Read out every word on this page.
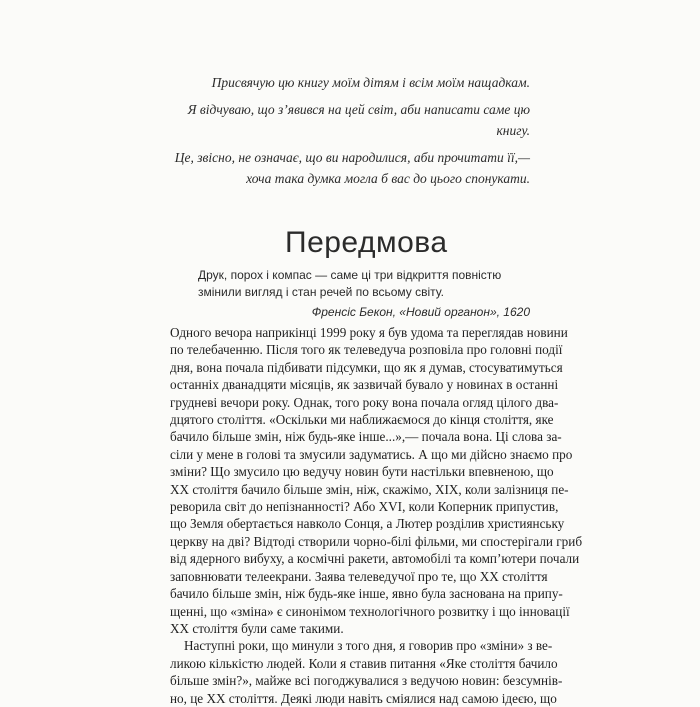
Присвячую цю книгу моїм дітям і всім моїм нащадкам.

Я відчуваю, що з’явився на цей світ, аби написати саме цю книгу.

Це, звісно, не означає, що ви народилися, аби прочитати її,—

хоча така думка могла б вас до цього спонукати.

Передмова
Друк, порох і компас — саме ці три відкриття повністю
змінили вигляд і стан речей по всьому світу.
Френсіс Бекон, «Новий органон», 1620
Одного вечора наприкінці 1999 року я був удома та переглядав новини
по телебаченню. Після того як телеведуча розповіла про головні події
дня, вона почала підбивати підсумки, що як я думав, стосуватимуться
останніх дванадцяти місяців, як зазвичай бувало у новинах в останні
грудневі вечори року. Однак, того року вона почала огляд цілого два-
дцятого століття. «Оскільки ми наближаємося до кінця століття, яке
бачило більше змін, ніж будь-яке інше...»,— почала вона. Ці слова за-
сіли у мене в голові та змусили задуматись. А що ми дійсно знаємо про
зміни? Що змусило цю ведучу новин бути настільки впевненою, що
ХХ століття бачило більше змін, ніж, скажімо, XIX, коли залізниця пе-
реворила світ до непізнанності? Або XVI, коли Коперник припустив,
що Земля обертається навколо Сонця, а Лютер розділив християнську
церкву на дві? Відтоді створили чорно-білі фільми, ми спостерігали гриб
від ядерного вибуху, а космічні ракети, автомобілі та комп’ютери почали
заповнювати телеекрани. Заява телеведучої про те, що ХХ століття
бачило більше змін, ніж будь-яке інше, явно була заснована на припу-
щенні, що «зміна» є синонімом технологічного розвитку і що інновації
ХХ століття були саме такими.
Наступні роки, що минули з того дня, я говорив про «зміни» з ве-
ликою кількістю людей. Коли я ставив питання «Яке століття бачило
більше змін?», майже всі погоджувалися з ведучою новин: безсумнів-
но, це ХХ століття. Деякі люди навіть сміялися над самою ідеєю, що
